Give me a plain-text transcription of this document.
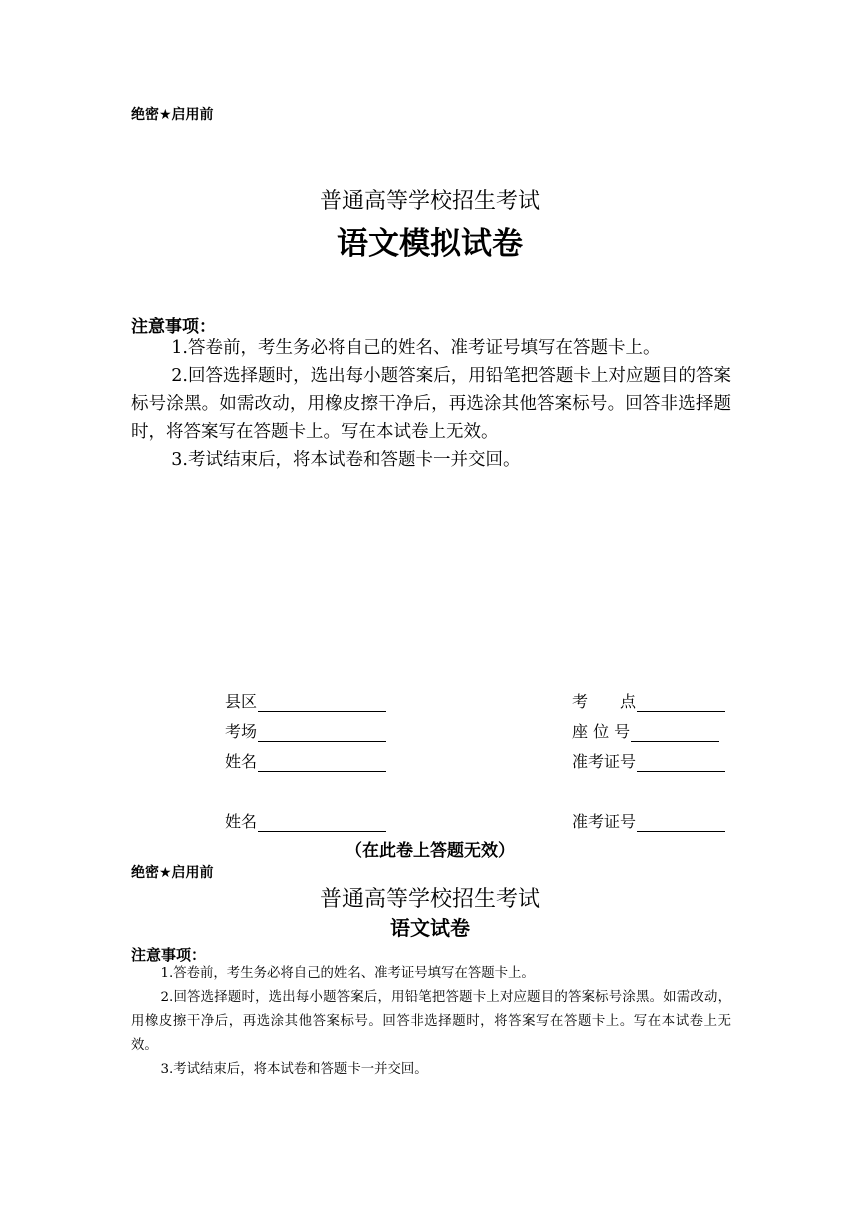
绝密★启用前
普通高等学校招生考试
语文模拟试卷
注意事项：

1.答卷前，考生务必将自己的姓名、准考证号填写在答题卡上。

2.回答选择题时，选出每小题答案后，用铅笔把答题卡上对应题目的答案标号涂黑。如需改动，用橡皮擦干净后，再选涂其他答案标号。回答非选择题时，将答案写在答题卡上。写在本试卷上无效。

3.考试结束后，将本试卷和答题卡一并交回。

县区	考　　点
考场	座 位 号
姓名	准考证号
姓名	准考证号
（在此卷上答题无效）
绝密★启用前
普通高等学校招生考试
语文试卷
注意事项：

1.答卷前，考生务必将自己的姓名、准考证号填写在答题卡上。

2.回答选择题时，选出每小题答案后，用铅笔把答题卡上对应题目的答案标号涂黑。如需改动，用橡皮擦干净后，再选涂其他答案标号。回答非选择题时，将答案写在答题卡上。写在本试卷上无效。

3.考试结束后，将本试卷和答题卡一并交回。
